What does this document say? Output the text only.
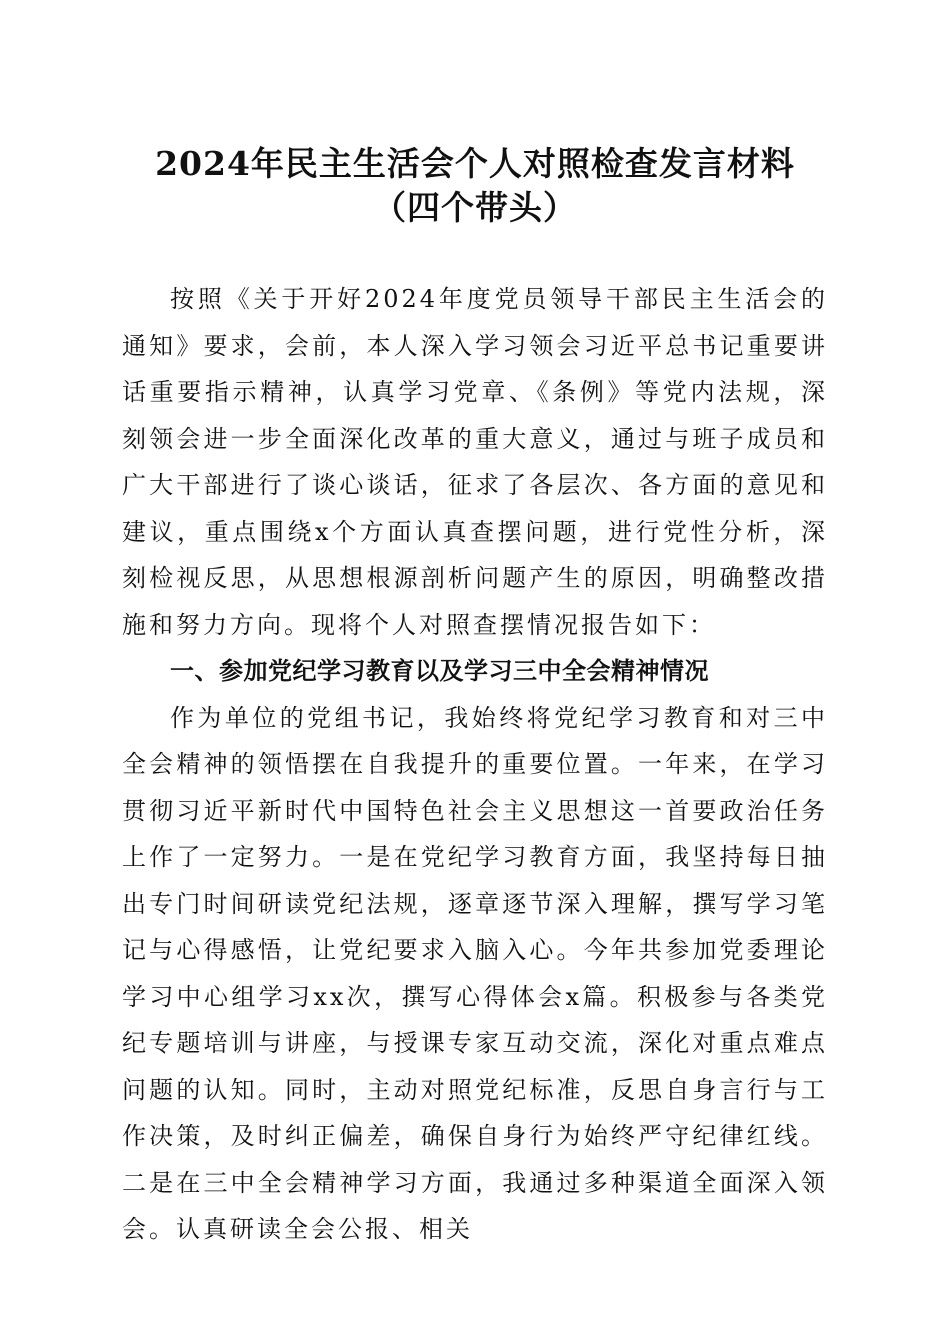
2024年民主生活会个人对照检查发言材料
（四个带头）

按照《关于开好2024年度党员领导干部民主生活会的通知》要求，会前，本人深入学习领会习近平总书记重要讲话重要指示精神，认真学习党章、《条例》等党内法规，深刻领会进一步全面深化改革的重大意义，通过与班子成员和广大干部进行了谈心谈话，征求了各层次、各方面的意见和建议，重点围绕x个方面认真查摆问题，进行党性分析，深刻检视反思，从思想根源剖析问题产生的原因，明确整改措施和努力方向。现将个人对照查摆情况报告如下：

一、参加党纪学习教育以及学习三中全会精神情况

作为单位的党组书记，我始终将党纪学习教育和对三中全会精神的领悟摆在自我提升的重要位置。一年来，在学习贯彻习近平新时代中国特色社会主义思想这一首要政治任务上作了一定努力。一是在党纪学习教育方面，我坚持每日抽出专门时间研读党纪法规，逐章逐节深入理解，撰写学习笔记与心得感悟，让党纪要求入脑入心。今年共参加党委理论学习中心组学习xx次，撰写心得体会x篇。积极参与各类党纪专题培训与讲座，与授课专家互动交流，深化对重点难点问题的认知。同时，主动对照党纪标准，反思自身言行与工作决策，及时纠正偏差，确保自身行为始终严守纪律红线。二是在三中全会精神学习方面，我通过多种渠道全面深入领会。认真研读全会公报、相关
